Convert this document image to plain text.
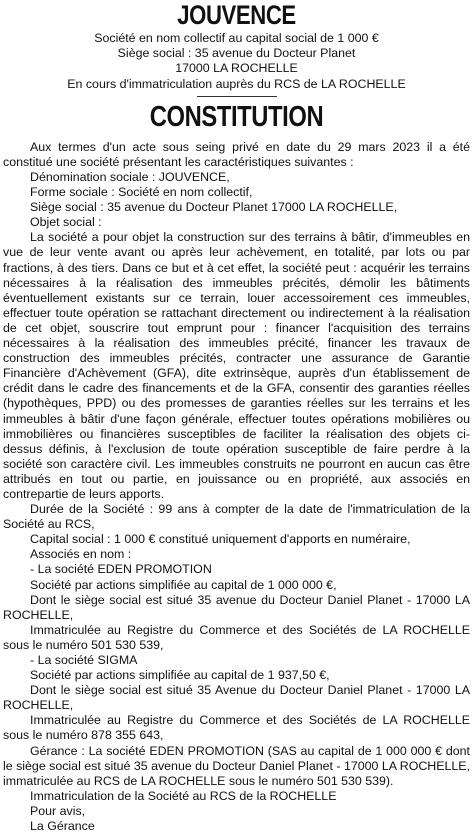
JOUVENCE
Société en nom collectif au capital social de 1 000 €
Siège social : 35 avenue du Docteur Planet
17000 LA ROCHELLE
En cours d'immatriculation auprès du RCS de LA ROCHELLE
CONSTITUTION

Aux termes d'un acte sous seing privé en date du 29 mars 2023 il a été constitué une société présentant les caractéristiques suivantes :

Dénomination sociale : JOUVENCE,

Forme sociale : Société en nom collectif,

Siège social : 35 avenue du Docteur Planet 17000 LA ROCHELLE,

Objet social :

La société a pour objet la construction sur des terrains à bâtir, d'immeubles en vue de leur vente avant ou après leur achèvement, en totalité, par lots ou par fractions, à des tiers. Dans ce but et à cet effet, la société peut : acquérir les terrains nécessaires à la réalisation des immeubles précités, démolir les bâtiments éventuellement existants sur ce terrain, louer accessoirement ces immeubles, effectuer toute opération se rattachant directement ou indirectement à la réalisation de cet objet, souscrire tout emprunt pour : financer l'acquisition des terrains nécessaires à la réalisation des immeubles précité, financer les travaux de construction des immeubles précités, contracter une assurance de Garantie Financière d'Achèvement (GFA), dite extrinsèque, auprès d'un établissement de crédit dans le cadre des financements et de la GFA, consentir des garanties réelles (hypothèques, PPD) ou des promesses de garanties réelles sur les terrains et les immeubles à bâtir d'une façon générale, effectuer toutes opérations mobilières ou immobilières ou financières susceptibles de faciliter la réalisation des objets ci-dessus définis, à l'exclusion de toute opération susceptible de faire perdre à la société son caractère civil. Les immeubles construits ne pourront en aucun cas être attribués en tout ou partie, en jouissance ou en propriété, aux associés en contrepartie de leurs apports.

Durée de la Société : 99 ans à compter de la date de l'immatriculation de la Société au RCS,

Capital social : 1 000 € constitué uniquement d'apports en numéraire,

Associés en nom :

- La société EDEN PROMOTION

Société par actions simplifiée au capital de 1 000 000 €,

Dont le siège social est situé 35 avenue du Docteur Daniel Planet - 17000 LA ROCHELLE,

Immatriculée au Registre du Commerce et des Sociétés de LA ROCHELLE sous le numéro 501 530 539,

- La société SIGMA

Société par actions simplifiée au capital de 1 937,50 €,

Dont le siège social est situé 35 Avenue du Docteur Daniel Planet - 17000 LA ROCHELLE,

Immatriculée au Registre du Commerce et des Sociétés de LA ROCHELLE sous le numéro 878 355 643,

Gérance : La société EDEN PROMOTION (SAS au capital de 1 000 000 € dont le siège social est situé 35 avenue du Docteur Daniel Planet - 17000 LA ROCHELLE, immatriculée au RCS de LA ROCHELLE sous le numéro 501 530 539).

Immatriculation de la Société au RCS de la ROCHELLE

Pour avis,

La Gérance
